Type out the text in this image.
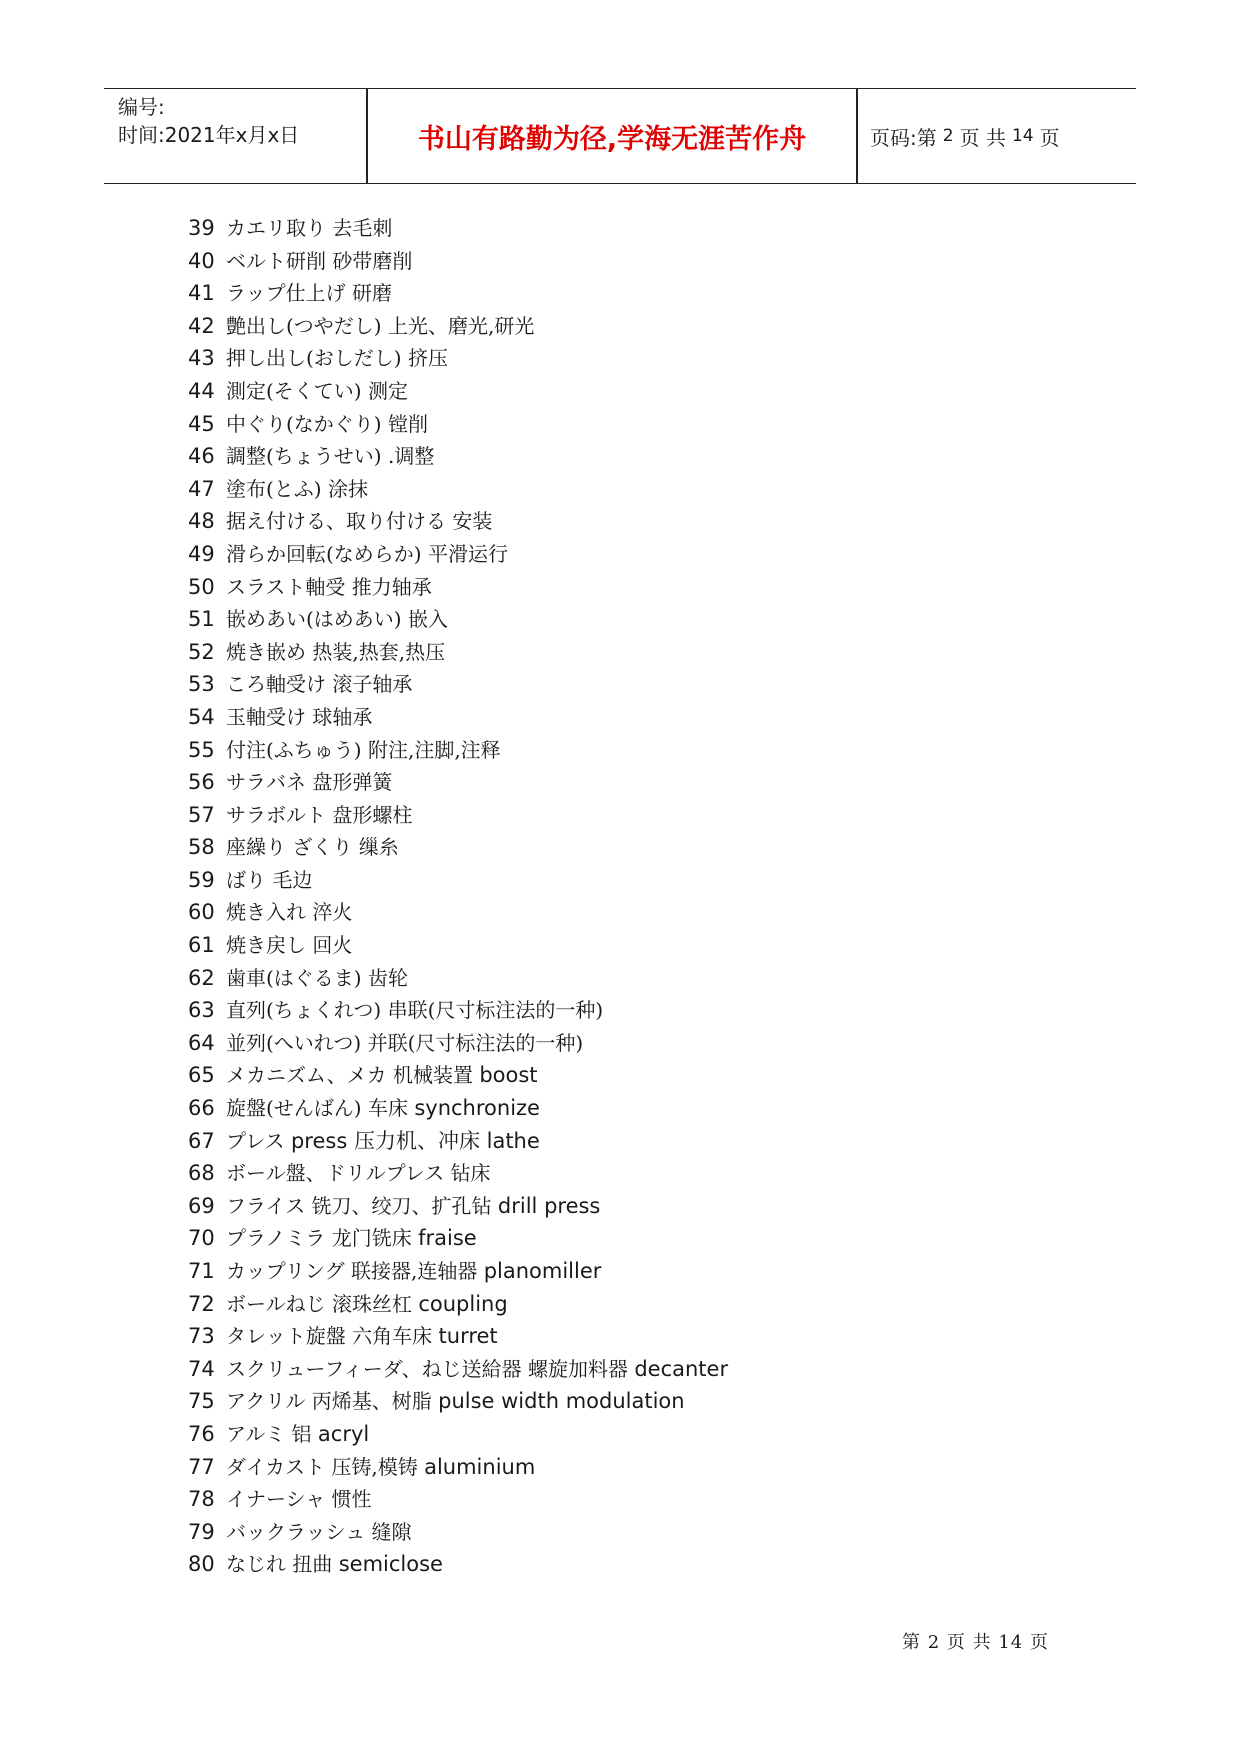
编号:
时间:2021年x月x日	书山有路勤为径,学海无涯苦作舟	页码:第 2 页 共 14 页
39 カエリ取り 去毛刺
40 ベルト研削 砂带磨削
41 ラップ仕上げ 研磨
42 艶出し(つやだし) 上光、磨光,研光
43 押し出し(おしだし) 挤压
44 測定(そくてい) 测定
45 中ぐり(なかぐり) 镗削
46 調整(ちょうせい) .调整
47 塗布(とふ) 涂抹
48 据え付ける、取り付ける 安装
49 滑らか回転(なめらか) 平滑运行
50 スラスト軸受 推力轴承
51 嵌めあい(はめあい) 嵌入
52 焼き嵌め 热装,热套,热压
53 ころ軸受け 滚子轴承
54 玉軸受け 球轴承
55 付注(ふちゅう) 附注,注脚,注释
56 サラバネ 盘形弹簧
57 サラボルト 盘形螺柱
58 座繰り ざくり 缫糸
59 ばり 毛边
60 焼き入れ 淬火
61 焼き戻し 回火
62 歯車(はぐるま) 齿轮
63 直列(ちょくれつ) 串联(尺寸标注法的一种)
64 並列(へいれつ) 并联(尺寸标注法的一种)
65 メカニズム、メカ 机械装置 boost
66 旋盤(せんばん) 车床 synchronize
67 プレス press 压力机、冲床 lathe
68 ボール盤、ドリルプレス 钻床
69 フライス 铣刀、绞刀、扩孔钻 drill press
70 プラノミラ 龙门铣床 fraise
71 カップリング 联接器,连轴器 planomiller
72 ボールねじ 滚珠丝杠 coupling
73 タレット旋盤 六角车床 turret
74 スクリューフィーダ、ねじ送給器 螺旋加料器 decanter
75 アクリル 丙烯基、树脂 pulse width modulation
76 アルミ 铝 acryl
77 ダイカスト 压铸,模铸 aluminium
78 イナーシャ 惯性
79 バックラッシュ 缝隙
80 なじれ 扭曲 semiclose
第 2 页 共 14 页
